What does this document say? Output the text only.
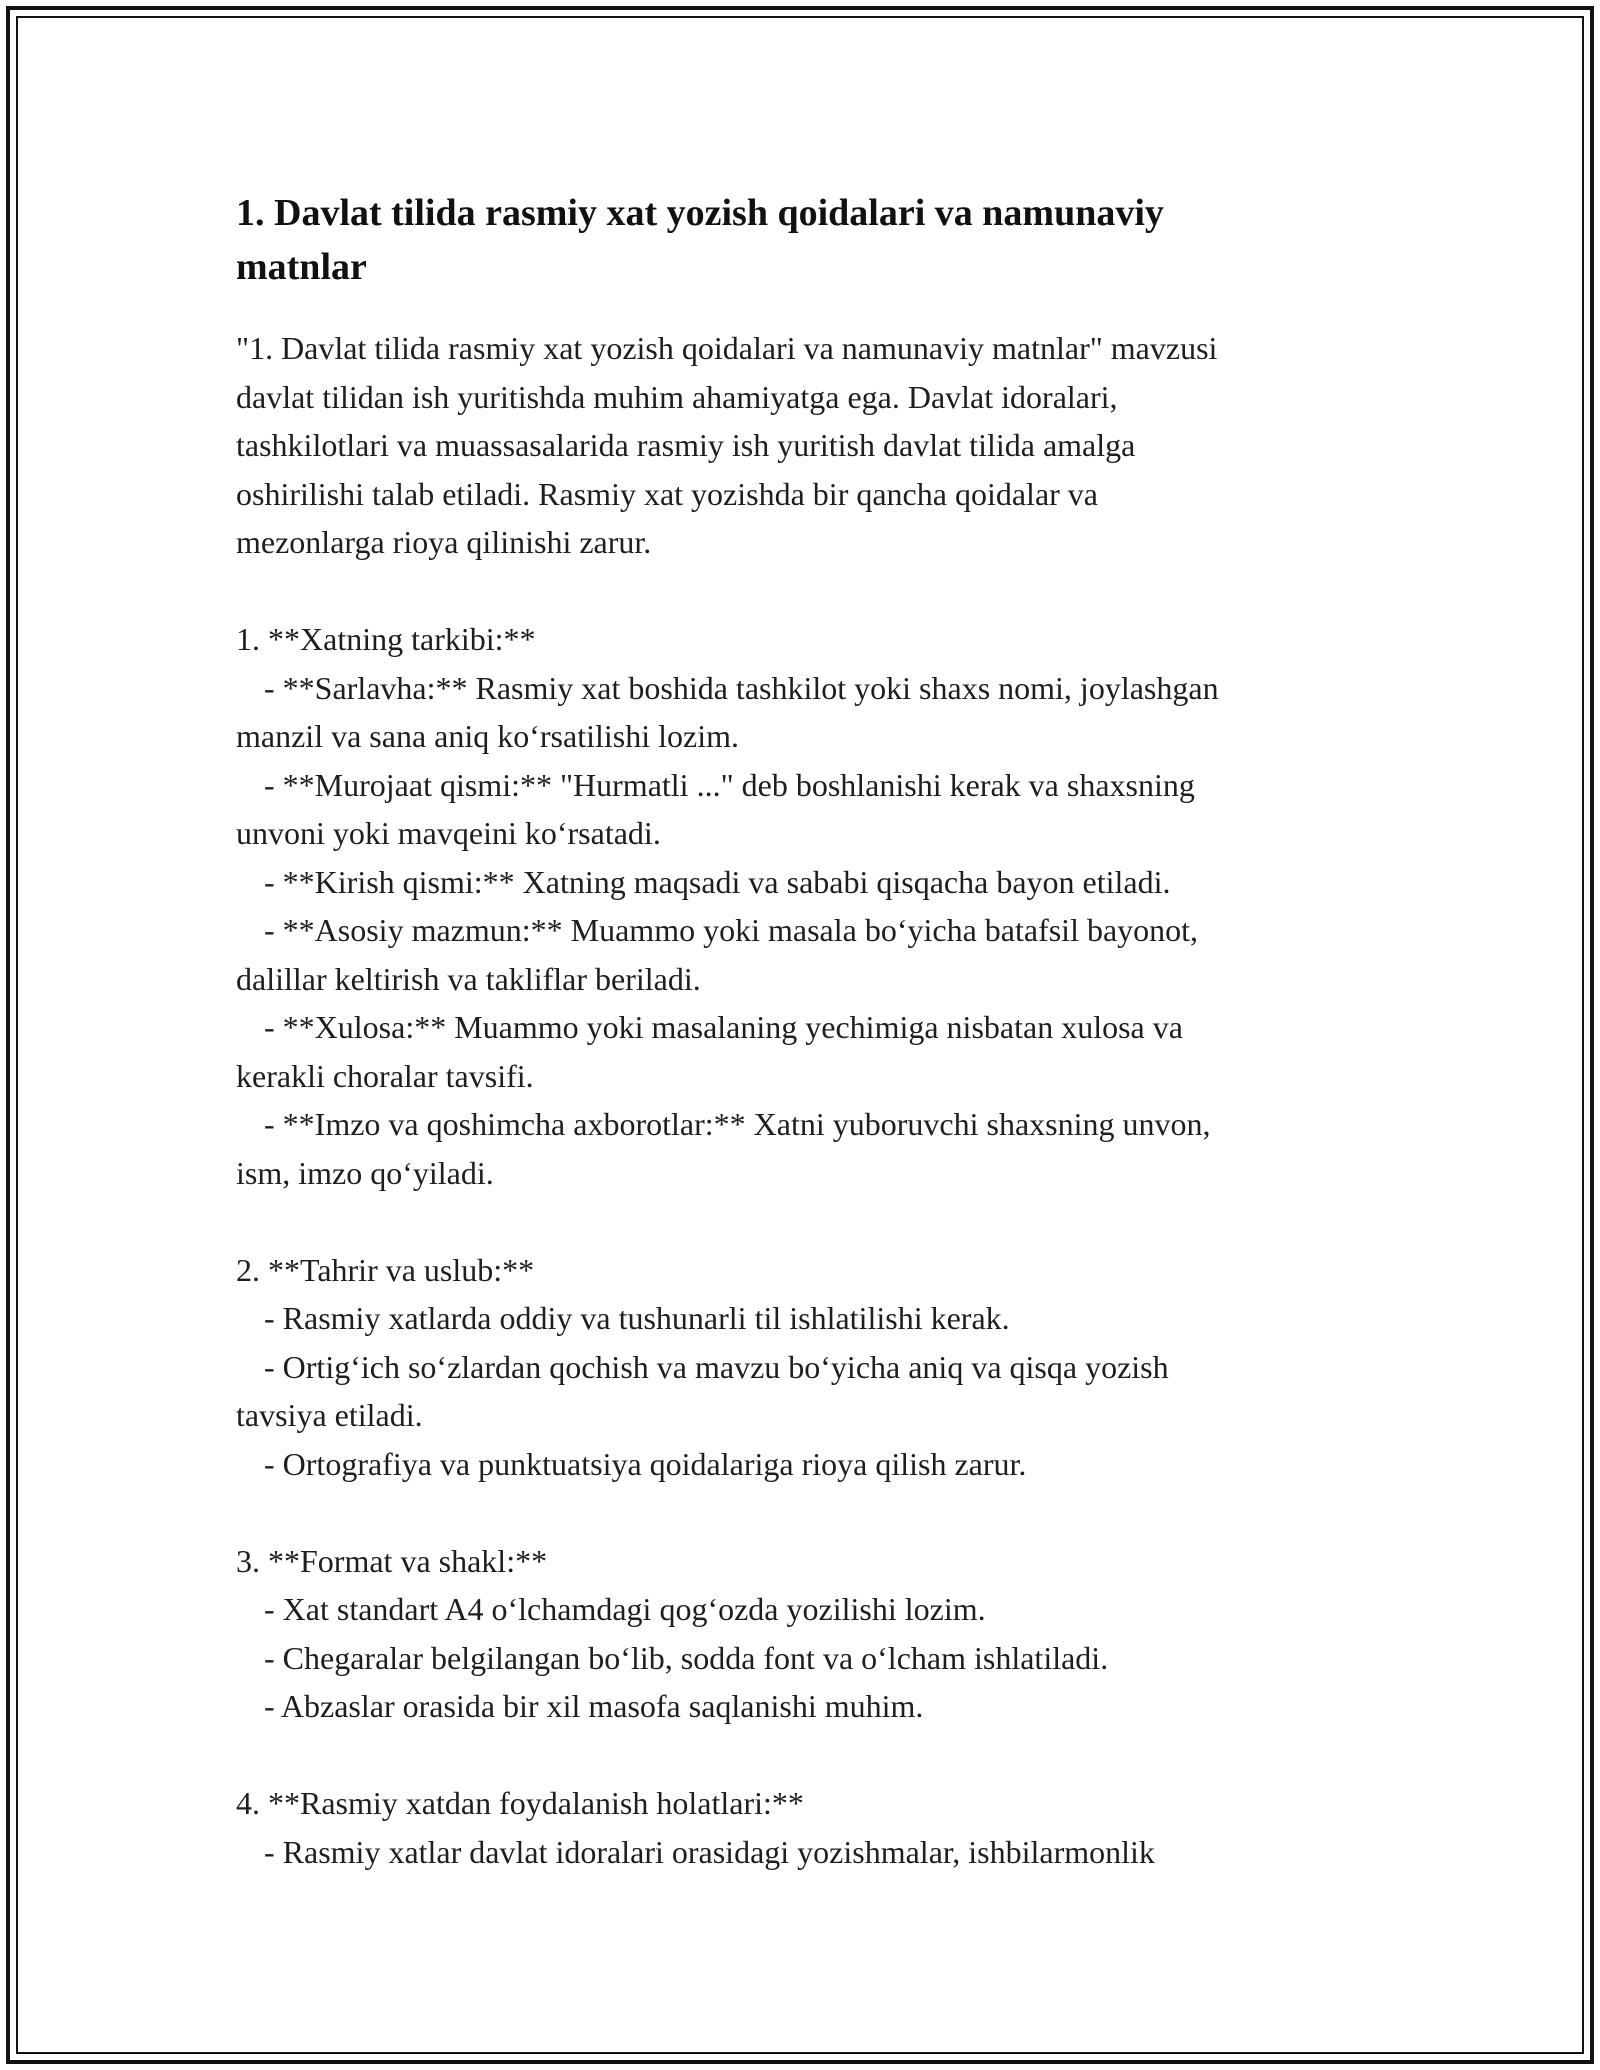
1. Davlat tilida rasmiy xat yozish qoidalari va namunaviy
matnlar

"1. Davlat tilida rasmiy xat yozish qoidalari va namunaviy matnlar" mavzusi
davlat tilidan ish yuritishda muhim ahamiyatga ega. Davlat idoralari,
tashkilotlari va muassasalarida rasmiy ish yuritish davlat tilida amalga
oshirilishi talab etiladi. Rasmiy xat yozishda bir qancha qoidalar va
mezonlarga rioya qilinishi zarur.

1. **Xatning tarkibi:**
- **Sarlavha:** Rasmiy xat boshida tashkilot yoki shaxs nomi, joylashgan
manzil va sana aniq ko‘rsatilishi lozim.
- **Murojaat qismi:** "Hurmatli ..." deb boshlanishi kerak va shaxsning
unvoni yoki mavqeini ko‘rsatadi.
- **Kirish qismi:** Xatning maqsadi va sababi qisqacha bayon etiladi.
- **Asosiy mazmun:** Muammo yoki masala bo‘yicha batafsil bayonot,
dalillar keltirish va takliflar beriladi.
- **Xulosa:** Muammo yoki masalaning yechimiga nisbatan xulosa va
kerakli choralar tavsifi.
- **Imzo va qoshimcha axborotlar:** Xatni yuboruvchi shaxsning unvon,
ism, imzo qo‘yiladi.

2. **Tahrir va uslub:**
- Rasmiy xatlarda oddiy va tushunarli til ishlatilishi kerak.
- Ortig‘ich so‘zlardan qochish va mavzu bo‘yicha aniq va qisqa yozish
tavsiya etiladi.
- Ortografiya va punktuatsiya qoidalariga rioya qilish zarur.

3. **Format va shakl:**
- Xat standart A4 o‘lchamdagi qog‘ozda yozilishi lozim.
- Chegaralar belgilangan bo‘lib, sodda font va o‘lcham ishlatiladi.
- Abzaslar orasida bir xil masofa saqlanishi muhim.

4. **Rasmiy xatdan foydalanish holatlari:**
- Rasmiy xatlar davlat idoralari orasidagi yozishmalar, ishbilarmonlik
